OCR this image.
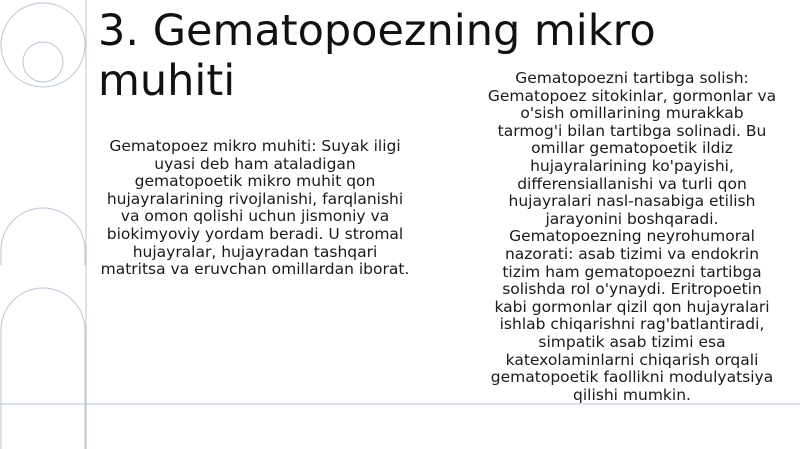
3. Gematopoezning mikro muhiti

Gematopoez mikro muhiti: Suyak iligi uyasi deb ham ataladigan gematopoetik mikro muhit qon hujayralarining rivojlanishi, farqlanishi va omon qolishi uchun jismoniy va biokimyoviy yordam beradi. U stromal hujayralar, hujayradan tashqari matritsa va eruvchan omillardan iborat.

Gematopoezni tartibga solish: Gematopoez sitokinlar, gormonlar va o'sish omillarining murakkab tarmog'i bilan tartibga solinadi. Bu omillar gematopoetik ildiz hujayralarining ko'payishi, differensiallanishi va turli qon hujayralari nasl-nasabiga etilish jarayonini boshqaradi. Gematopoezning neyrohumoral nazorati: asab tizimi va endokrin tizim ham gematopoezni tartibga solishda rol o'ynaydi. Eritropoetin kabi gormonlar qizil qon hujayralari ishlab chiqarishni rag'batlantiradi, simpatik asab tizimi esa katexolaminlarni chiqarish orqali gematopoetik faollikni modulyatsiya qilishi mumkin.
